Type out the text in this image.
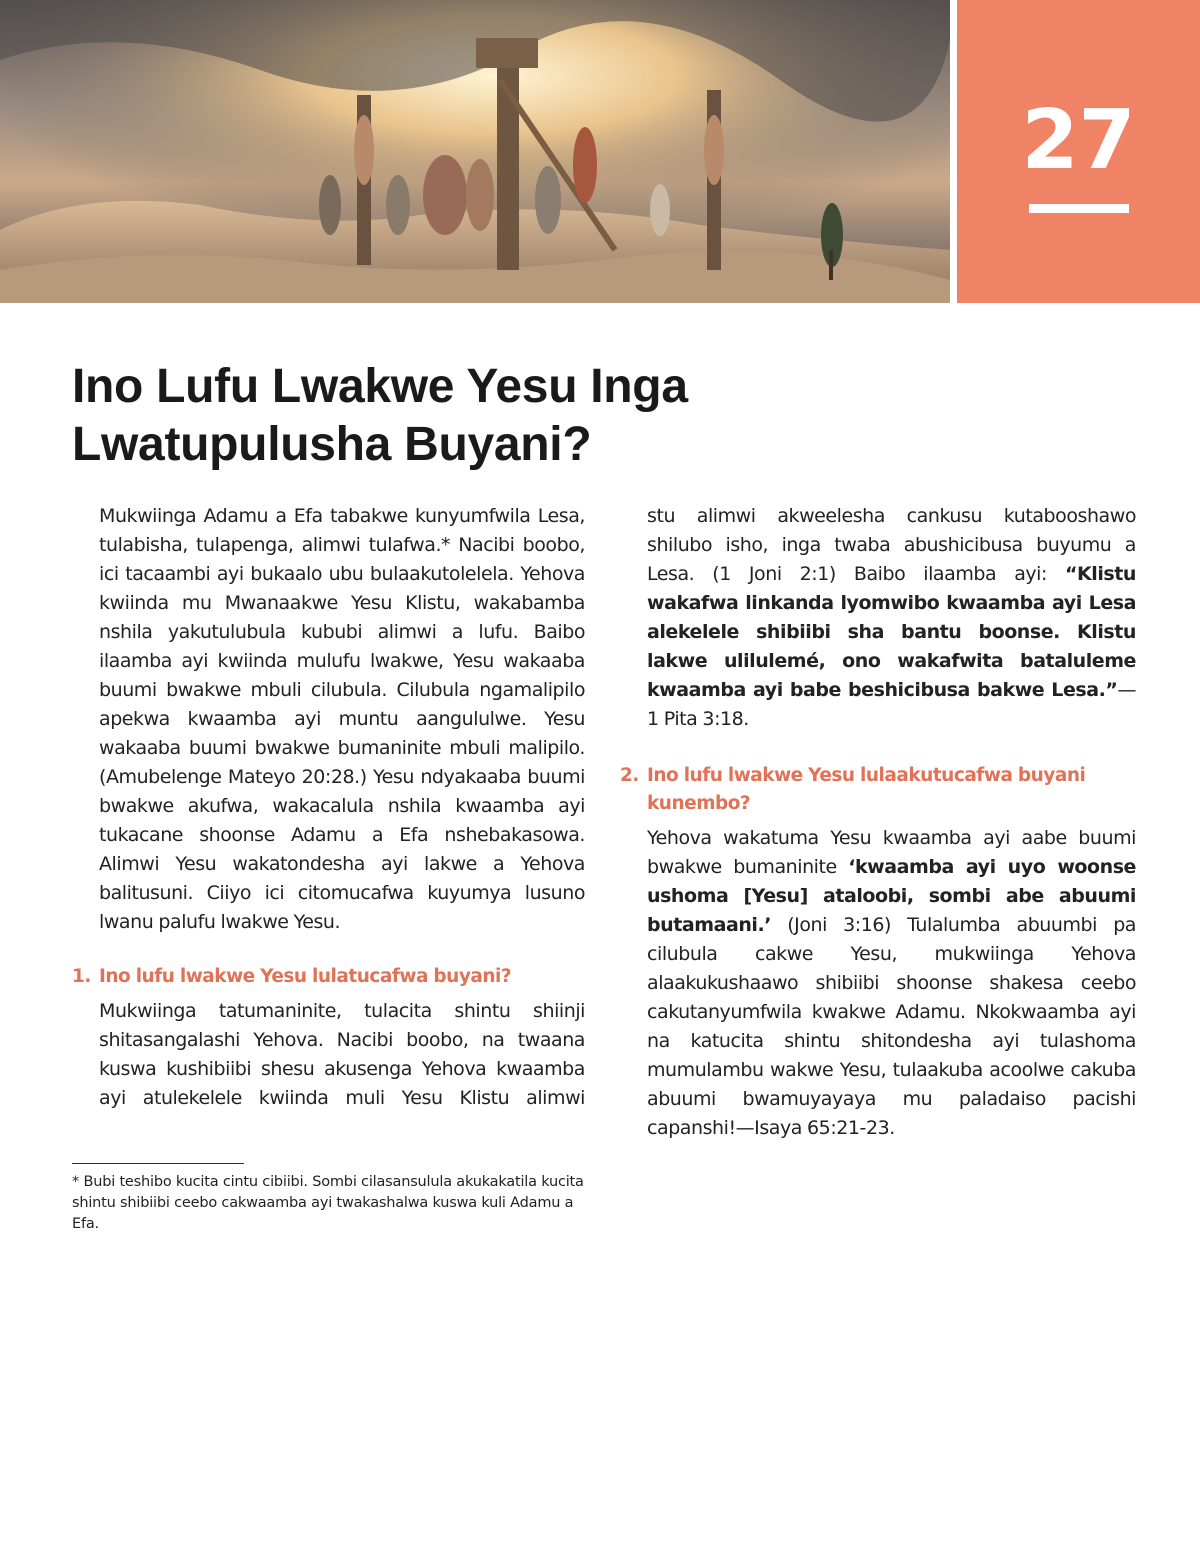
27
Ino Lufu Lwakwe Yesu Inga Lwatupulusha Buyani?

Mukwiinga Adamu a Efa tabakwe kunyumfwila Lesa, tulabisha, tulapenga, alimwi tulafwa.* Nacibi boobo, ici tacaambi ayi bukaalo ubu bulaakutolelela. Yehova kwiinda mu Mwanaakwe Yesu Klistu, wakabamba nshila yakutulubula kububi alimwi a lufu. Baibo ilaamba ayi kwiinda mulufu lwakwe, Yesu wakaaba buumi bwakwe mbuli cilubula. Cilubula ngamalipilo apekwa kwaamba ayi muntu aangululwe. Yesu wakaaba buumi bwakwe bumaninite mbuli malipilo. (Amubelenge Mateyo 20:28.) Yesu ndyakaaba buumi bwakwe akufwa, wakacalula nshila kwaamba ayi tukacane shoonse Adamu a Efa nshebakasowa. Alimwi Yesu wakatondesha ayi lakwe a Yehova balitusuni. Ciiyo ici citomucafwa kuyumya lusuno lwanu palufu lwakwe Yesu.

1. Ino lufu lwakwe Yesu lulatucafwa buyani?

Mukwiinga tatumaninite, tulacita shintu shiinji shitasangalashi Yehova. Nacibi boobo, na twaana kuswa kushibiibi shesu akusenga Yehova kwaamba ayi atulekelele kwiinda muli Yesu Klistu alimwi

stu alimwi akweelesha cankusu kutabooshawo shilubo isho, inga twaba abushicibusa buyumu a Lesa. (1 Joni 2:1) Baibo ilaamba ayi: “Klistu wakafwa linkanda lyomwibo kwaamba ayi Lesa alekelele shibiibi sha bantu boonse. Klistu lakwe ulilulemé, ono wakafwita bataluleme kwaamba ayi babe beshicibusa bakwe Lesa.”—1 Pita 3:18.

2. Ino lufu lwakwe Yesu lulaakutucafwa buyani
kunembo?

Yehova wakatuma Yesu kwaamba ayi aabe buumi bwakwe bumaninite ‘kwaamba ayi uyo woonse ushoma [Yesu] ataloobi, sombi abe abuumi butamaani.’ (Joni 3:16) Tulalumba abuumbi pa cilubula cakwe Yesu, mukwiinga Yehova alaakukushaawo shibiibi shoonse shakesa ceebo cakutanyumfwila kwakwe Adamu. Nkokwaamba ayi na katucita shintu shitondesha ayi tulashoma mumulambu wakwe Yesu, tulaakuba acoolwe cakuba abuumi bwamuyayaya mu paladaiso pacishi capanshi!—Isaya 65:21-23.

* Bubi teshibo kucita cintu cibiibi. Sombi cilasansulula akukakatila kucita shintu shibiibi ceebo cakwaamba ayi twakashalwa kuswa kuli Adamu a Efa.
